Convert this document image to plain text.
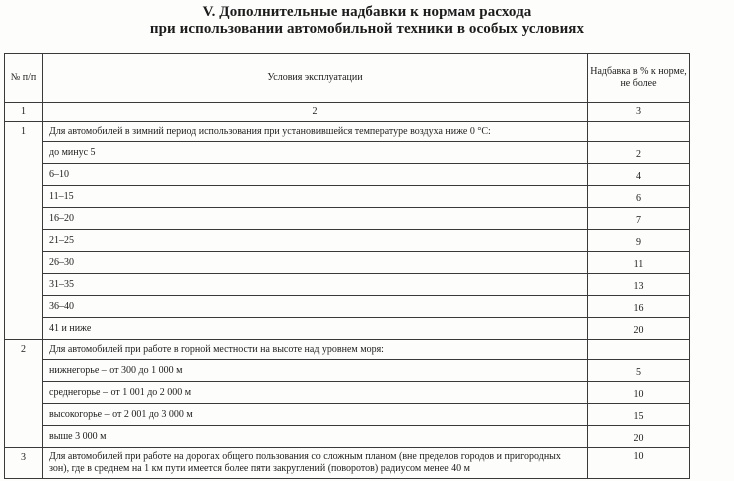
V. Дополнительные надбавки к нормам расхода
при использовании автомобильной техники в особых условиях
№ п/п	Условия эксплуатации	Надбавка в % к норме, не более
1	2	3
1	Для автомобилей в зимний период использования при установившейся температуре воздуха ниже 0 °С:	
	до минус 5	2
	6–10	4
	11–15	6
	16–20	7
	21–25	9
	26–30	11
	31–35	13
	36–40	16
	41 и ниже	20
2	Для автомобилей при работе в горной местности на высоте над уровнем моря:	
	нижнегорье – от 300 до 1 000 м	5
	среднегорье – от 1 001 до 2 000 м	10
	высокогорье – от 2 001 до 3 000 м	15
	выше 3 000 м	20
3	Для автомобилей при работе на дорогах общего пользования со сложным планом (вне пределов городов и пригородных зон), где в среднем на 1 км пути имеется более пяти закруглений (поворотов) радиусом менее 40 м	10
